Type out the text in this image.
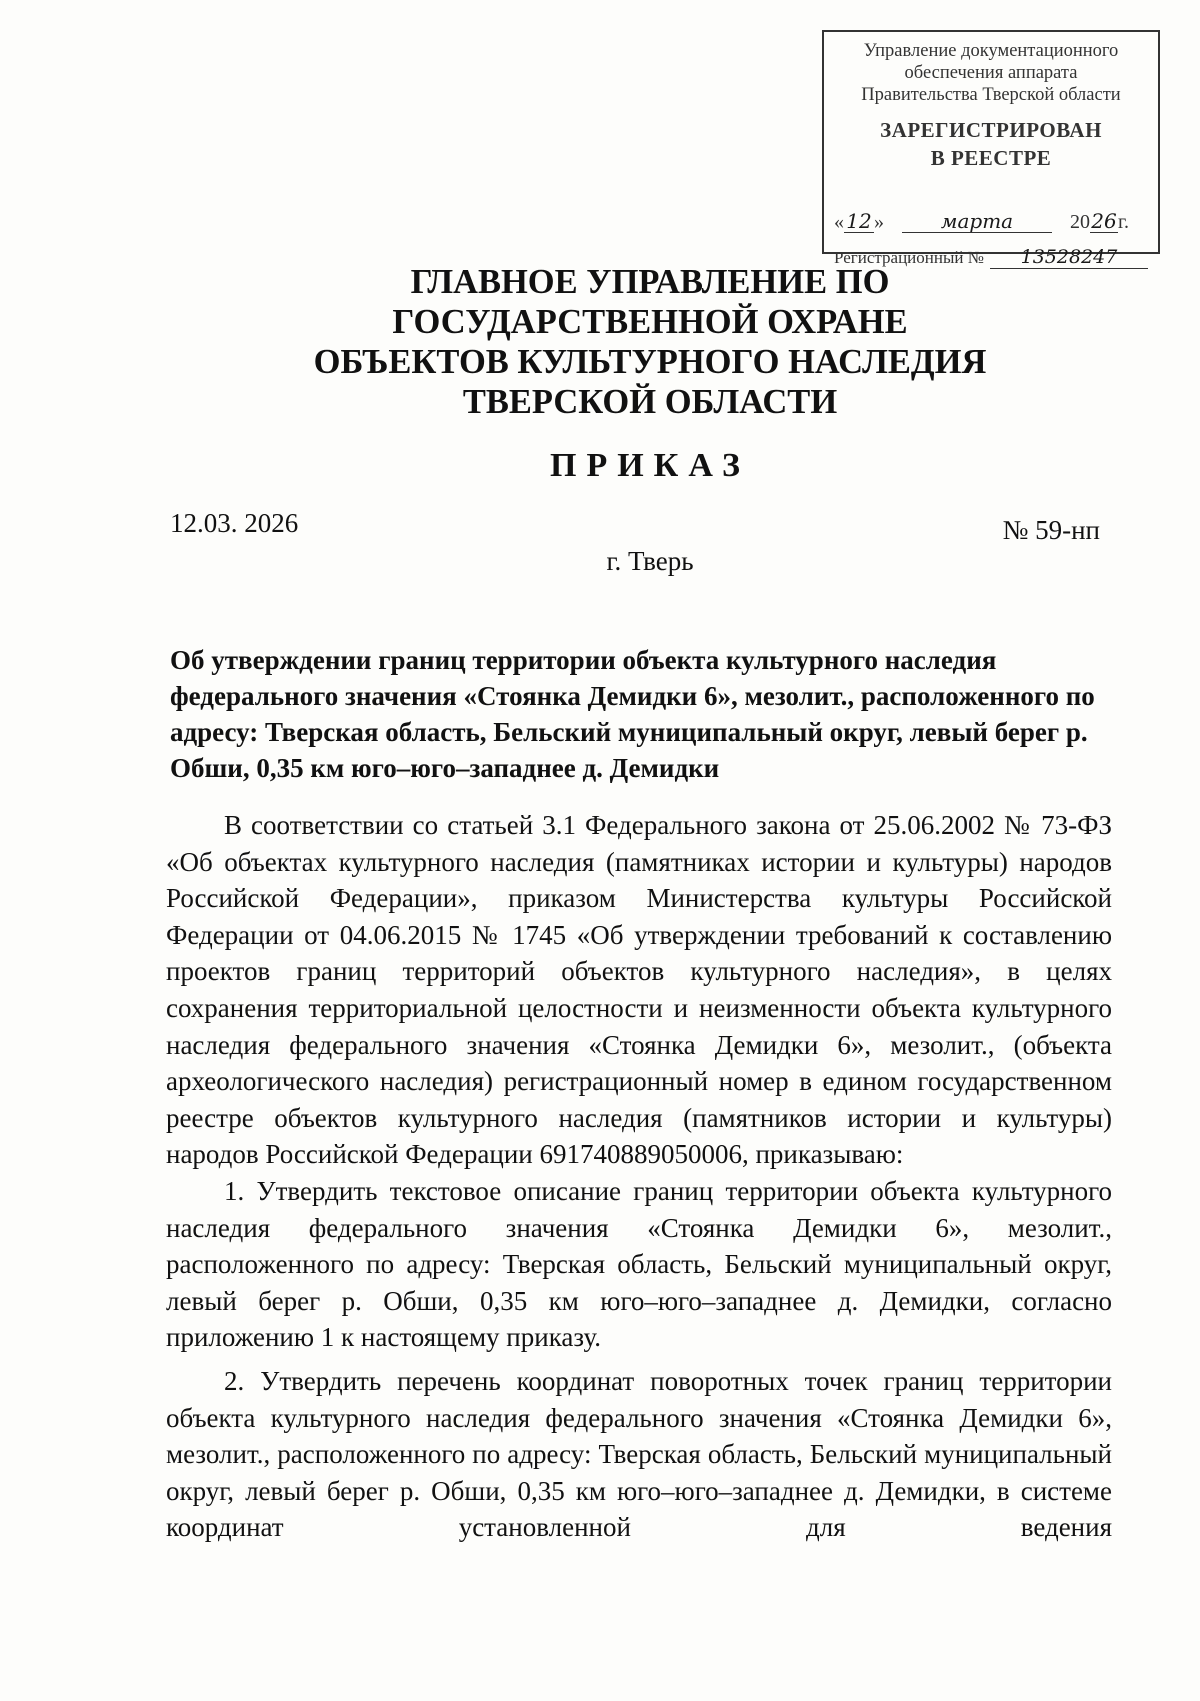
Управление документационного
обеспечения аппарата
Правительства Тверской области
ЗАРЕГИСТРИРОВАН
В РЕЕСТРЕ
« 12 »	марта	20 26 г.
Регистрационный №	13528247
ГЛАВНОЕ УПРАВЛЕНИЕ ПО
ГОСУДАРСТВЕННОЙ ОХРАНЕ
ОБЪЕКТОВ КУЛЬТУРНОГО НАСЛЕДИЯ
ТВЕРСКОЙ ОБЛАСТИ
ПРИКАЗ
12.03. 2026	№ 59-нп
г. Тверь
Об утверждении границ территории объекта культурного наследия федерального значения «Стоянка Демидки 6», мезолит., расположенного по адресу: Тверская область, Бельский муниципальный округ, левый берег р. Обши, 0,35 км юго–юго–западнее д. Демидки

В соответствии со статьей 3.1 Федерального закона от 25.06.2002 № 73-ФЗ «Об объектах культурного наследия (памятниках истории и культуры) народов Российской Федерации», приказом Министерства культуры Российской Федерации от 04.06.2015 № 1745 «Об утверждении требований к составлению проектов границ территорий объектов культурного наследия», в целях сохранения территориальной целостности и неизменности объекта культурного наследия федерального значения «Стоянка Демидки 6», мезолит., (объекта археологического наследия) регистрационный номер в едином государственном реестре объектов культурного наследия (памятников истории и культуры) народов Российской Федерации 691740889050006, приказываю:

1. Утвердить текстовое описание границ территории объекта культурного наследия федерального значения «Стоянка Демидки 6», мезолит., расположенного по адресу: Тверская область, Бельский муниципальный округ, левый берег р. Обши, 0,35 км юго–юго–западнее д. Демидки, согласно приложению 1 к настоящему приказу.

2. Утвердить перечень координат поворотных точек границ территории объекта культурного наследия федерального значения «Стоянка Демидки 6», мезолит., расположенного по адресу: Тверская область, Бельский муниципальный округ, левый берег р. Обши, 0,35 км юго–юго–западнее д. Демидки, в системе координат установленной для ведения
